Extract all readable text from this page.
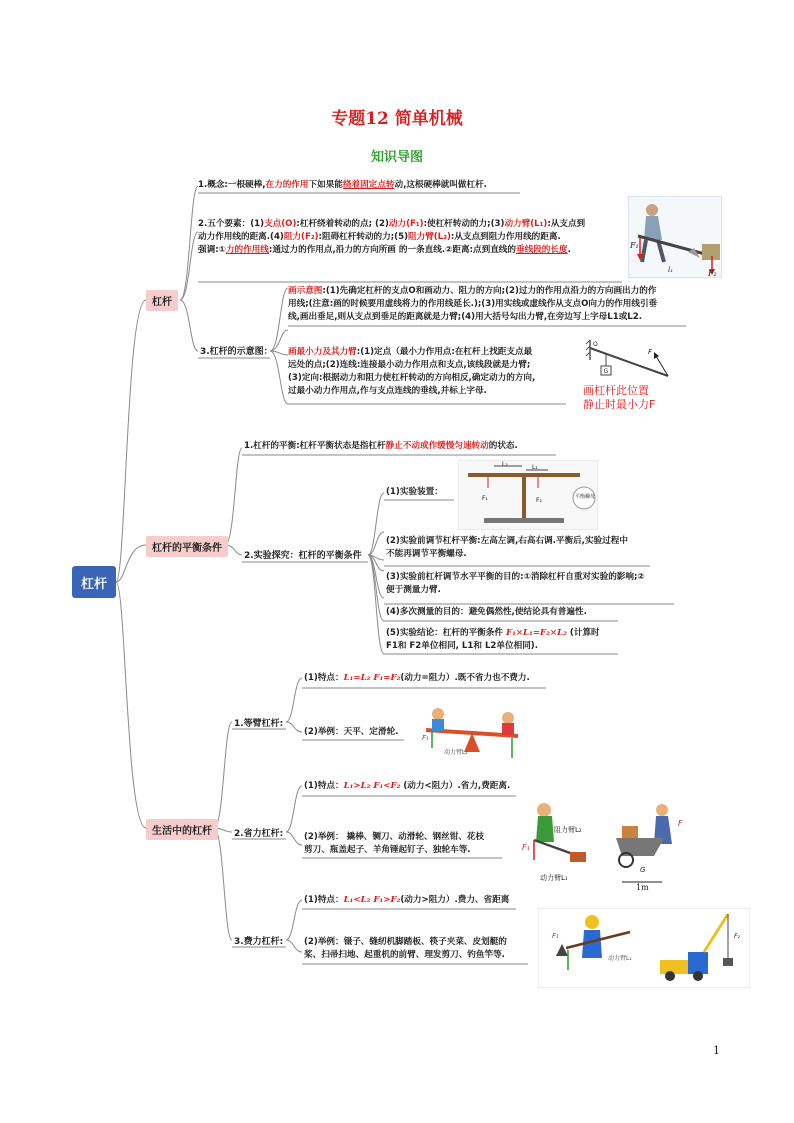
专题12 简单机械
知识导图
杠杆
杠杆
杠杆的平衡条件
生活中的杠杆
1.概念:一根硬棒,在力的作用下如果能绕着固定点转动,这根硬棒就叫做杠杆.
2.五个要素：(1)支点(O):杠杆绕着转动的点; (2)动力(F₁):使杠杆转动的力;(3)动力臂(L₁):从支点到
动力作用线的距离.(4)阻力(F₂):阻碍杠杆转动的力;(5)阻力臂(L₂):从支点到阻力作用线的距离.
强调:①力的作用线:通过力的作用点,沿力的方向所画 的一条直线.②距离:点到直线的垂线段的长度.	F₁
F₂
l₁
3.杠杆的示意图：
画示意图:(1)先确定杠杆的支点O和画动力、阻力的方向;(2)过力的作用点沿力的方向画出力的作
用线;(注意:画的时候要用虚线将力的作用线延长.);(3)用实线或虚线作从支点O向力的作用线引垂
线,画出垂足,则从支点到垂足的距离就是力臂;(4)用大括号勾出力臂,在旁边写上字母L1或L2.
画最小力及其力臂:(1)定点（最小力作用点:在杠杆上找距支点最
远处的点;(2)连线:连接最小动力作用点和支点,该线段就是力臂;
(3)定向:根据动力和阻力使杠杆转动的方向相反,确定动力的方向,
过最小动力作用点,作与支点连线的垂线,并标上字母.
O
G
F
画杠杆此位置
静止时最小力F
1.杠杆的平衡:杠杆平衡状态是指杠杆静止不动或作缓慢匀速转动的状态.
2.实验探究：杠杆的平衡条件
(1)实验装置：
L₂	L₁
F₁	F₂	平衡螺母
(2)实验前调节杠杆平衡:左高左调,右高右调.平衡后,实验过程中
不能再调节平衡螺母.
(3)实验前杠杆调节水平平衡的目的:①消除杠杆自重对实验的影响;②
便于测量力臂.
(4)多次测量的目的：避免偶然性,使结论具有普遍性.
(5)实验结论：杠杆的平衡条件 F₁×L₁=F₂×L₂ (计算时
F1和 F2单位相同, L1和 L2单位相同).
1.等臂杠杆:
(1)特点：L₁=L₂ F₁=F₂(动力=阻力）.既不省力也不费力.
(2)举例：天平、定滑轮.
F₁
动力臂L₁
2.省力杠杆:
(1)特点：L₁>L₂ F₁<F₂ (动力<阻力）.省力,费距离.
(2)举例： 撬棒、铡刀、动滑轮、钢丝钳、花枝
剪刀、瓶盖起子、羊角锤起钉子、独轮车等.
阻力臂L₂
F₁
动力臂L₁
1m
F
G
3.费力杠杆:
(1)特点：L₁<L₂ F₁>F₂(动力>阻力）.费力、省距离
(2)举例：镊子、缝纫机脚踏板、筷子夹菜、皮划艇的
桨、扫帚扫地、起重机的前臂、理发剪刀、钓鱼竿等.
F₁
动力臂L₁
F₂
1
